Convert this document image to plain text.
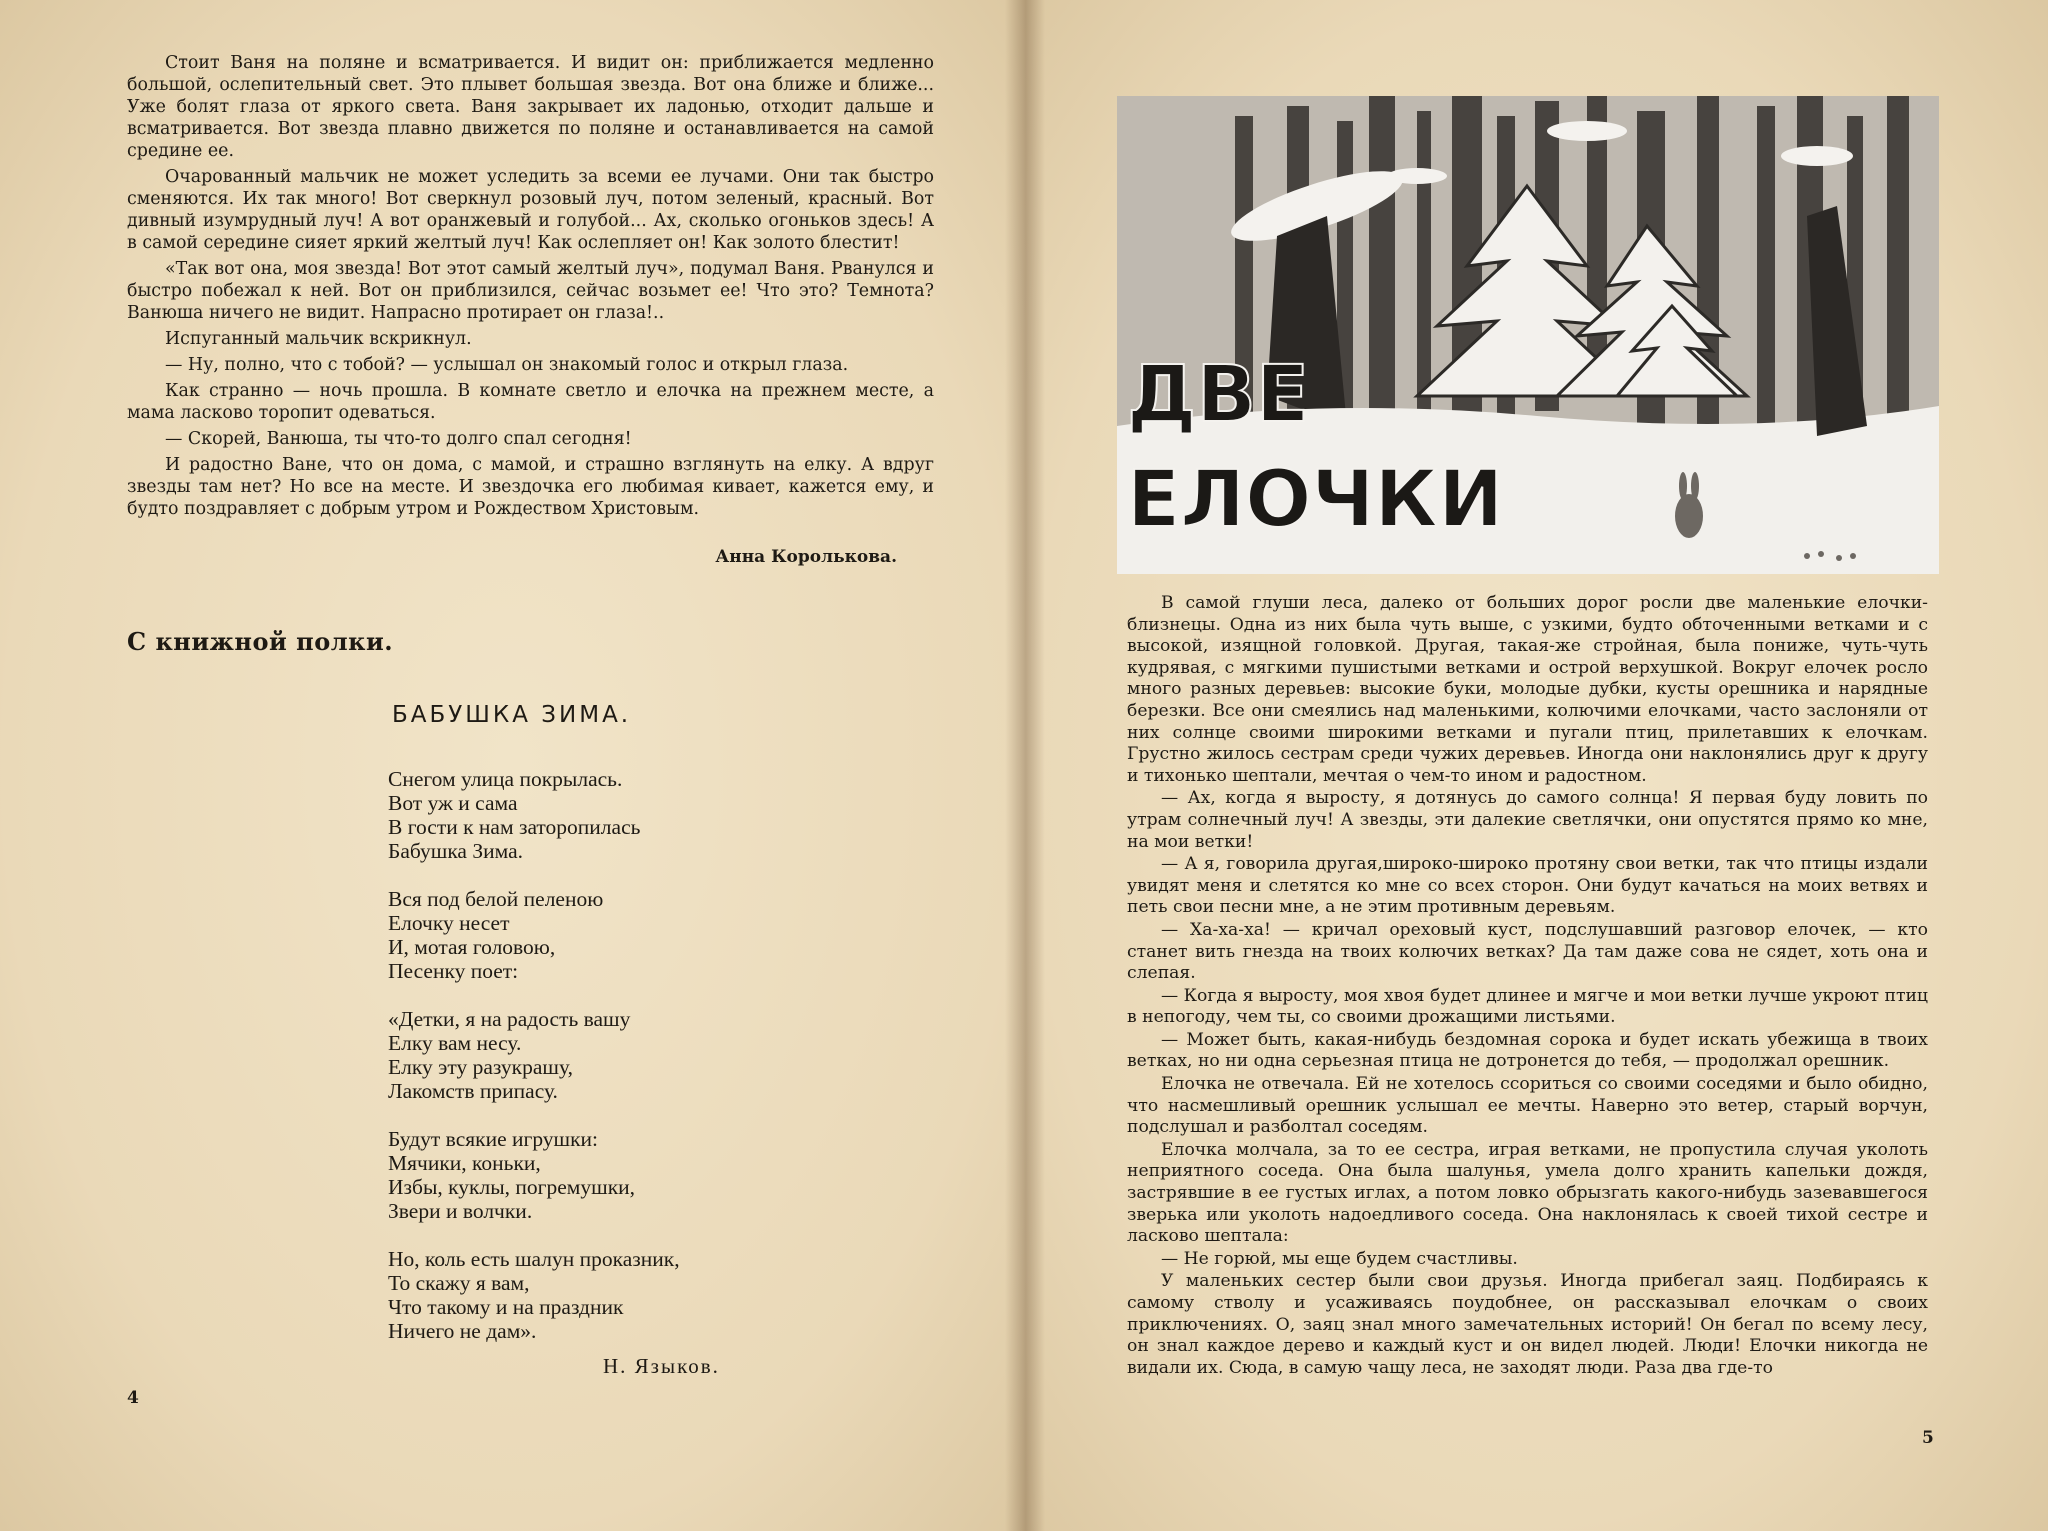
Стоит Ваня на поляне и всматривается. И видит он: приближается медленно большой, ослепительный свет. Это плывет большая звезда. Вот она ближе и ближе... Уже болят глаза от яркого света. Ваня закрывает их ладонью, отходит дальше и всматривается. Вот звезда плавно движется по поляне и останавливается на самой средине ее.

Очарованный мальчик не может уследить за всеми ее лучами. Они так быстро сменяются. Их так много! Вот сверкнул розовый луч, потом зеленый, красный. Вот дивный изумрудный луч! А вот оранжевый и голубой... Ах, сколько огоньков здесь! А в самой середине сияет яркий желтый луч! Как ослепляет он! Как золото блестит!

«Так вот она, моя звезда! Вот этот самый желтый луч», подумал Ваня. Рванулся и быстро побежал к ней. Вот он приблизился, сейчас возьмет ее! Что это? Темнота? Ванюша ничего не видит. Напрасно протирает он глаза!..

Испуганный мальчик вскрикнул.

— Ну, полно, что с тобой? — услышал он знакомый голос и открыл глаза.

Как странно — ночь прошла. В комнате светло и елочка на прежнем месте, а мама ласково торопит одеваться.

— Скорей, Ванюша, ты что-то долго спал сегодня!

И радостно Ване, что он дома, с мамой, и страшно взглянуть на елку. А вдруг звезды там нет? Но все на месте. И звездочка его любимая кивает, кажется ему, и будто поздравляет с добрым утром и Рождеством Христовым.

Анна Королькова.
С книжной полки.
БАБУШКА ЗИМА.
Снегом улица покрылась.
Вот уж и сама
В гости к нам заторопилась
Бабушка Зима.
Вся под белой пеленою
Елочку несет
И, мотая головою,
Песенку поет:
«Детки, я на радость вашу
Елку вам несу.
Елку эту разукрашу,
Лакомств припасу.
Будут всякие игрушки:
Мячики, коньки,
Избы, куклы, погремушки,
Звери и волчки.
Но, коль есть шалун проказник,
То скажу я вам,
Что такому и на праздник
Ничего не дам».
Н. Языков.
4
ДВЕ
ЕЛОЧКИ

В самой глуши леса, далеко от больших дорог росли две маленькие елочки-близнецы. Одна из них была чуть выше, с узкими, будто обточенными ветками и с высокой, изящной головкой. Другая, такая-же стройная, была пониже, чуть-чуть кудрявая, с мягкими пушистыми ветками и острой верхушкой. Вокруг елочек росло много разных деревьев: высокие буки, молодые дубки, кусты орешника и нарядные березки. Все они смеялись над маленькими, колючими елочками, часто заслоняли от них солнце своими широкими ветками и пугали птиц, прилетавших к елочкам. Грустно жилось сестрам среди чужих деревьев. Иногда они наклонялись друг к другу и тихонько шептали, мечтая о чем-то ином и радостном.

— Ах, когда я выросту, я дотянусь до самого солнца! Я первая буду ловить по утрам солнечный луч! А звезды, эти далекие светлячки, они опустятся прямо ко мне, на мои ветки!

— А я, говорила другая,широко-широко протяну свои ветки, так что птицы издали увидят меня и слетятся ко мне со всех сторон. Они будут качаться на моих ветвях и петь свои песни мне, а не этим противным деревьям.

— Ха-ха-ха! — кричал ореховый куст, подслушавший разговор елочек, — кто станет вить гнезда на твоих колючих ветках? Да там даже сова не сядет, хоть она и слепая.

— Когда я выросту, моя хвоя будет длинее и мягче и мои ветки лучше укроют птиц в непогоду, чем ты, со своими дрожащими листьями.

— Может быть, какая-нибудь бездомная сорока и будет искать убежища в твоих ветках, но ни одна серьезная птица не дотронется до тебя, — продолжал орешник.

Елочка не отвечала. Ей не хотелось ссориться со своими соседями и было обидно, что насмешливый орешник услышал ее мечты. Наверно это ветер, старый ворчун, подслушал и разболтал соседям.

Елочка молчала, за то ее сестра, играя ветками, не пропустила случая уколоть неприятного соседа. Она была шалунья, умела долго хранить капельки дождя, застрявшие в ее густых иглах, а потом ловко обрызгать какого-нибудь зазевавшегося зверька или уколоть надоедливого соседа. Она наклонялась к своей тихой сестре и ласково шептала:

— Не горюй, мы еще будем счастливы.

У маленьких сестер были свои друзья. Иногда прибегал заяц. Подбираясь к самому стволу и усаживаясь поудобнее, он рассказывал елочкам о своих приключениях. О, заяц знал много замечательных историй! Он бегал по всему лесу, он знал каждое дерево и каждый куст и он видел людей. Люди! Елочки никогда не видали их. Сюда, в самую чащу леса, не заходят люди. Раза два где-то

5
